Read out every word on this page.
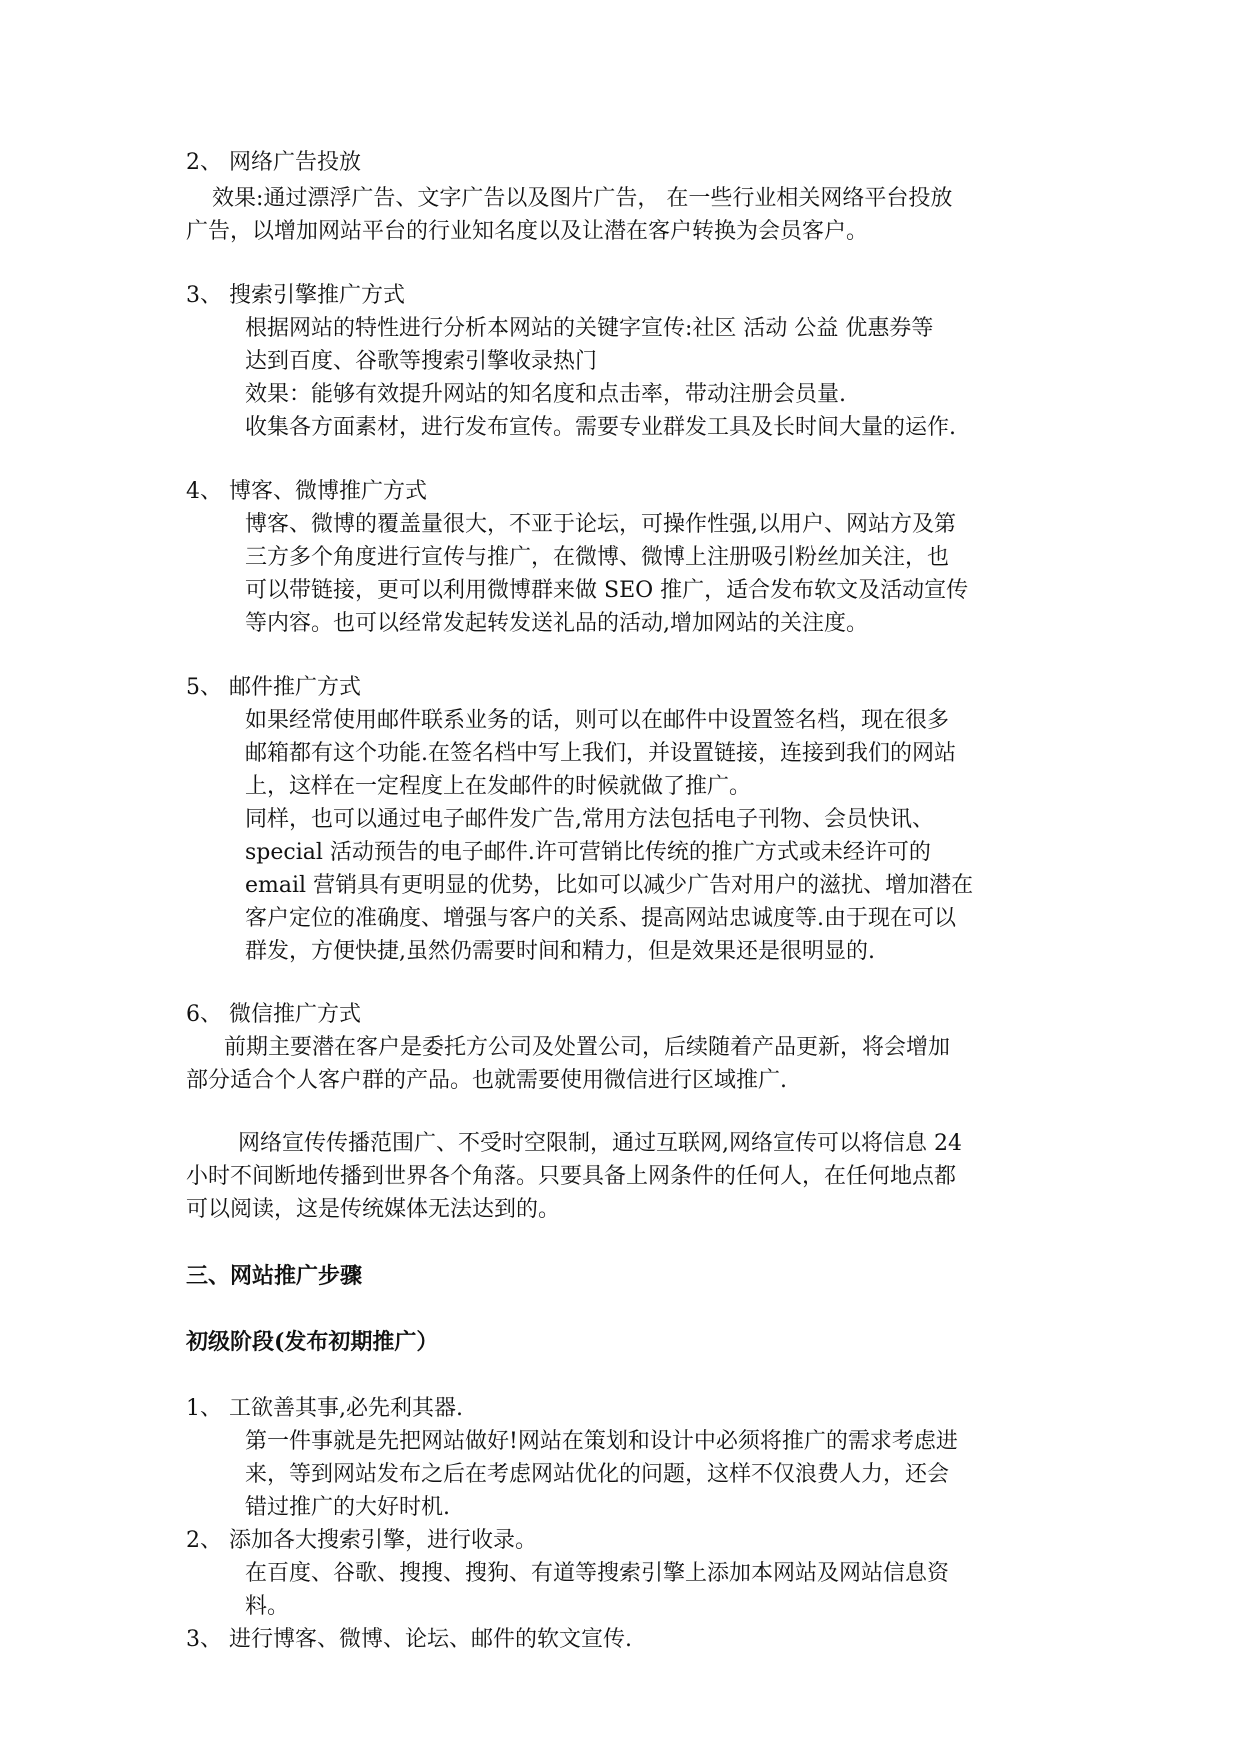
2、 网络广告投放
效果:通过漂浮广告、文字广告以及图片广告， 在一些行业相关网络平台投放
广告，以增加网站平台的行业知名度以及让潜在客户转换为会员客户。
3、 搜索引擎推广方式
根据网站的特性进行分析本网站的关键字宣传:社区 活动 公益 优惠券等
达到百度、谷歌等搜索引擎收录热门
效果：能够有效提升网站的知名度和点击率，带动注册会员量.
收集各方面素材，进行发布宣传。需要专业群发工具及长时间大量的运作.
4、 博客、微博推广方式
博客、微博的覆盖量很大，不亚于论坛，可操作性强,以用户、网站方及第
三方多个角度进行宣传与推广，在微博、微博上注册吸引粉丝加关注，也
可以带链接，更可以利用微博群来做 SEO 推广，适合发布软文及活动宣传
等内容。也可以经常发起转发送礼品的活动,增加网站的关注度。
5、 邮件推广方式
如果经常使用邮件联系业务的话，则可以在邮件中设置签名档，现在很多
邮箱都有这个功能.在签名档中写上我们，并设置链接，连接到我们的网站
上，这样在一定程度上在发邮件的时候就做了推广。
同样，也可以通过电子邮件发广告,常用方法包括电子刊物、会员快讯、
special 活动预告的电子邮件.许可营销比传统的推广方式或未经许可的
email 营销具有更明显的优势，比如可以减少广告对用户的滋扰、增加潜在
客户定位的准确度、增强与客户的关系、提高网站忠诚度等.由于现在可以
群发，方便快捷,虽然仍需要时间和精力，但是效果还是很明显的.
6、 微信推广方式
前期主要潜在客户是委托方公司及处置公司，后续随着产品更新，将会增加
部分适合个人客户群的产品。也就需要使用微信进行区域推广.
网络宣传传播范围广、不受时空限制，通过互联网,网络宣传可以将信息 24
小时不间断地传播到世界各个角落。只要具备上网条件的任何人，在任何地点都
可以阅读，这是传统媒体无法达到的。
三、网站推广步骤
初级阶段(发布初期推广）
1、 工欲善其事,必先利其器.
第一件事就是先把网站做好!网站在策划和设计中必须将推广的需求考虑进
来，等到网站发布之后在考虑网站优化的问题，这样不仅浪费人力，还会
错过推广的大好时机.
2、 添加各大搜索引擎，进行收录。
在百度、谷歌、搜搜、搜狗、有道等搜索引擎上添加本网站及网站信息资
料。
3、 进行博客、微博、论坛、邮件的软文宣传.
